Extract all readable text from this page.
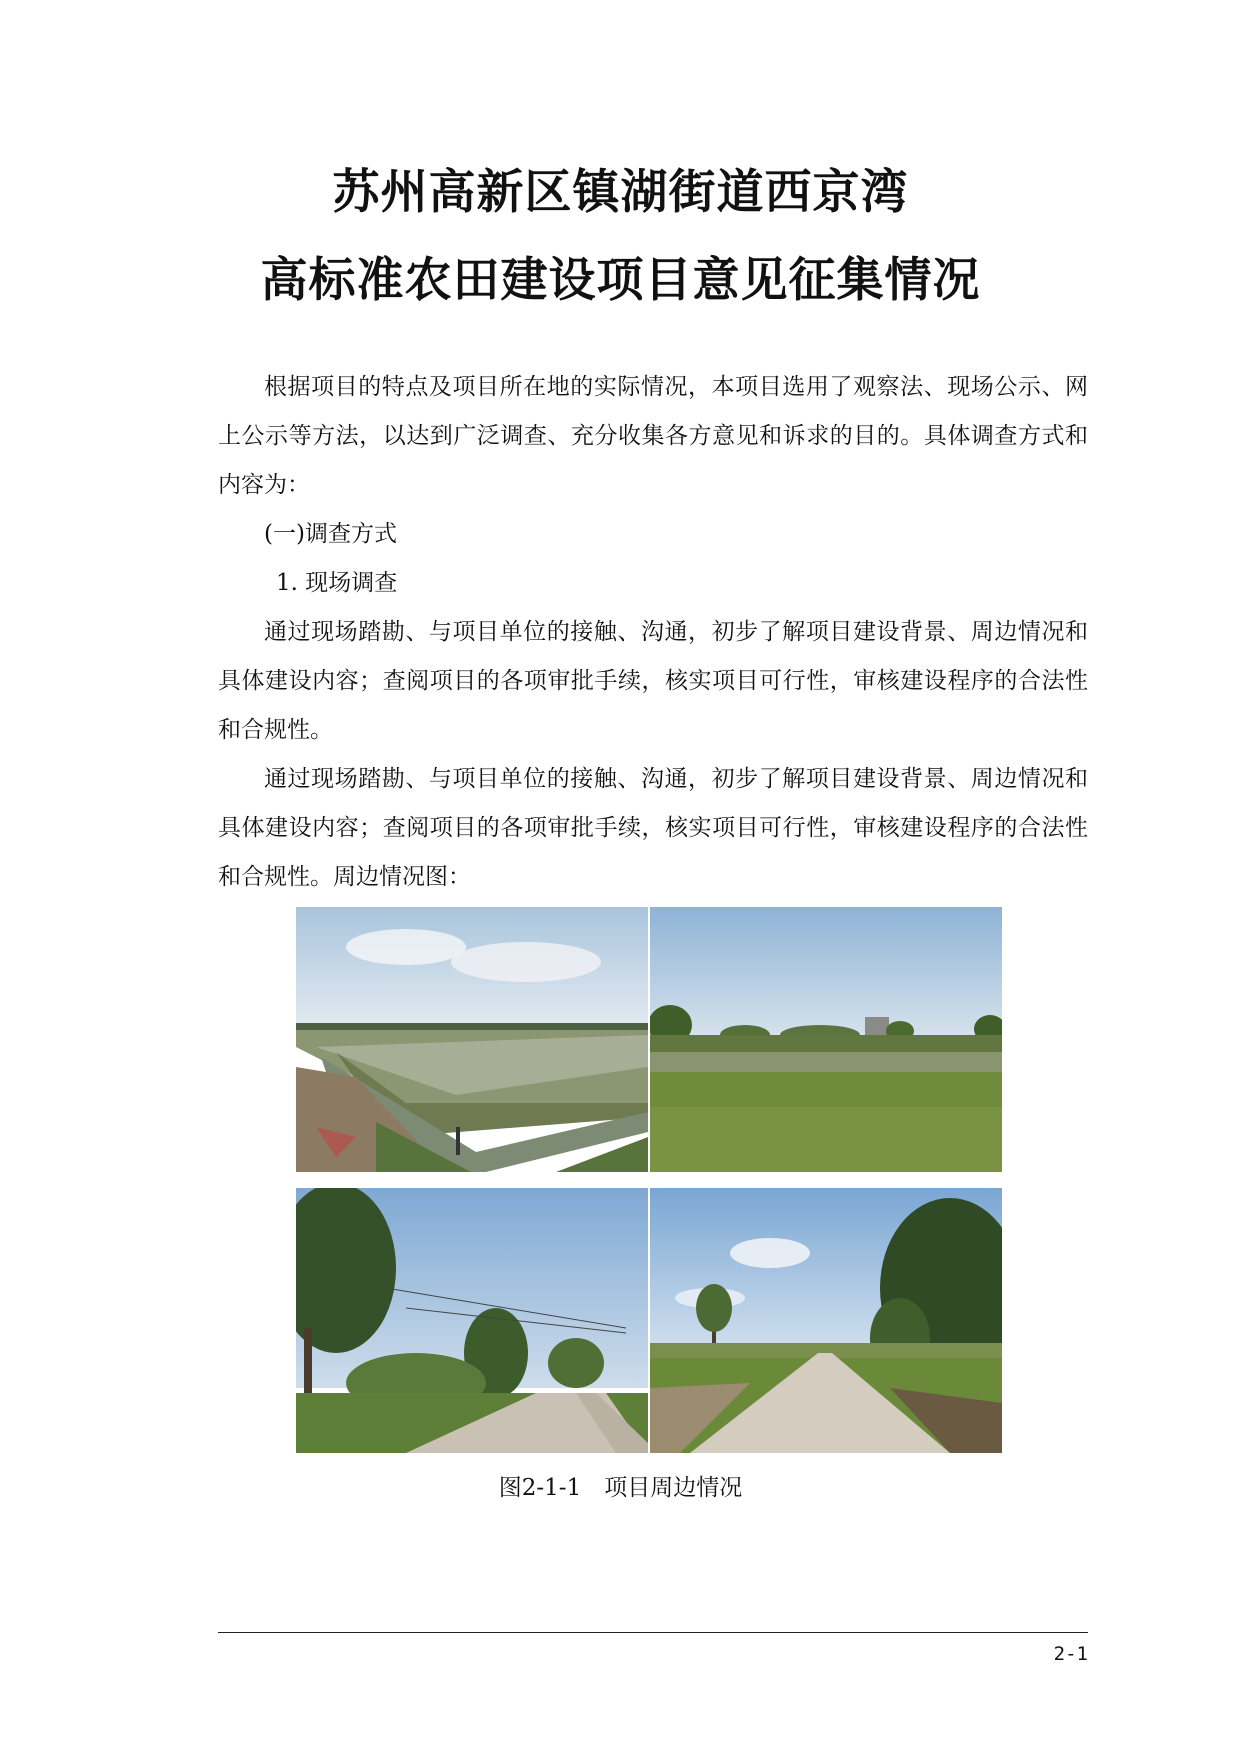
苏州高新区镇湖街道西京湾
高标准农田建设项目意见征集情况

根据项目的特点及项目所在地的实际情况，本项目选用了观察法、现场公示、网上公示等方法，以达到广泛调查、充分收集各方意见和诉求的目的。具体调查方式和内容为：

(一)调查方式

1. 现场调查

通过现场踏勘、与项目单位的接触、沟通，初步了解项目建设背景、周边情况和具体建设内容；查阅项目的各项审批手续，核实项目可行性，审核建设程序的合法性和合规性。

通过现场踏勘、与项目单位的接触、沟通，初步了解项目建设背景、周边情况和具体建设内容；查阅项目的各项审批手续，核实项目可行性，审核建设程序的合法性和合规性。周边情况图：

图2-1-1　项目周边情况
2-1
